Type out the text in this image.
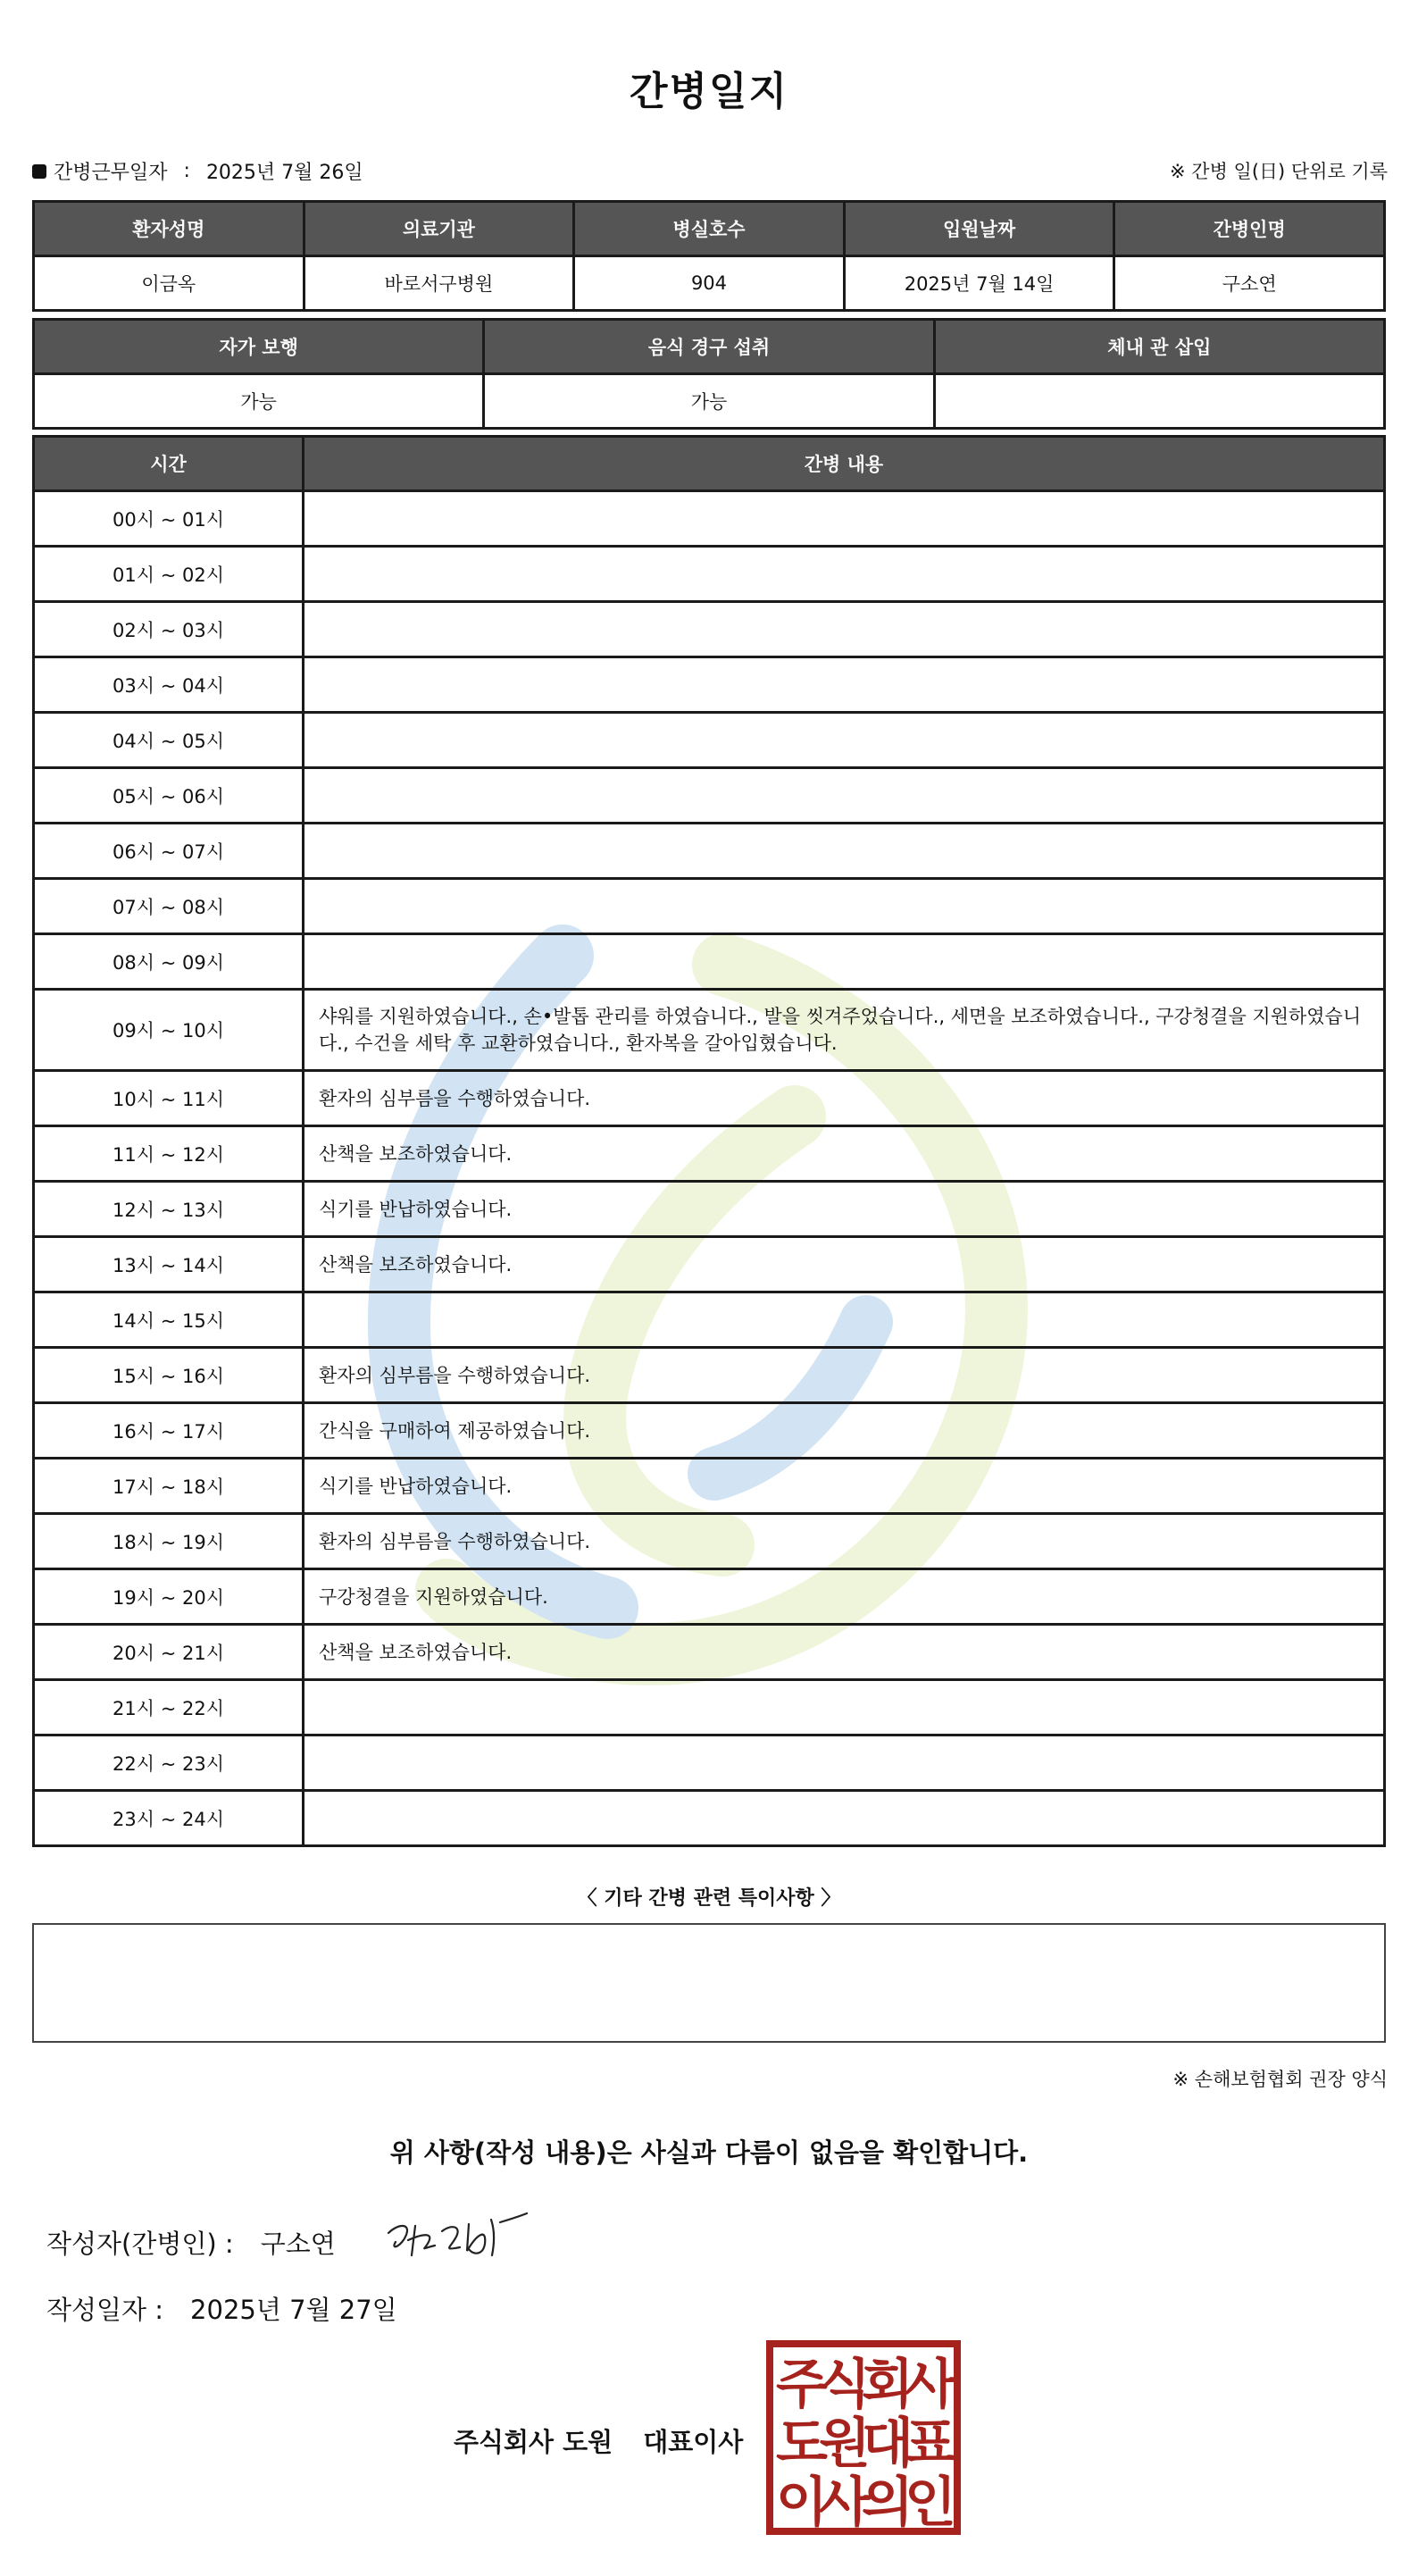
간병일지
간병근무일자 : 2025년 7월 26일	※ 간병 일(日) 단위로 기록
환자성명	의료기관	병실호수	입원날짜	간병인명
이금옥	바로서구병원	904	2025년 7월 14일	구소연
자가 보행	음식 경구 섭취	체내 관 삽입
가능	가능	
시간	간병 내용
00시 ~ 01시	
01시 ~ 02시	
02시 ~ 03시	
03시 ~ 04시	
04시 ~ 05시	
05시 ~ 06시	
06시 ~ 07시	
07시 ~ 08시	
08시 ~ 09시	
09시 ~ 10시	샤워를 지원하였습니다., 손•발톱 관리를 하였습니다., 발을 씻겨주었습니다., 세면을 보조하였습니다., 구강청결을 지원하였습니다., 수건을 세탁 후 교환하였습니다., 환자복을 갈아입혔습니다.
10시 ~ 11시	환자의 심부름을 수행하였습니다.
11시 ~ 12시	산책을 보조하였습니다.
12시 ~ 13시	식기를 반납하였습니다.
13시 ~ 14시	산책을 보조하였습니다.
14시 ~ 15시	
15시 ~ 16시	환자의 심부름을 수행하였습니다.
16시 ~ 17시	간식을 구매하여 제공하였습니다.
17시 ~ 18시	식기를 반납하였습니다.
18시 ~ 19시	환자의 심부름을 수행하였습니다.
19시 ~ 20시	구강청결을 지원하였습니다.
20시 ~ 21시	산책을 보조하였습니다.
21시 ~ 22시	
22시 ~ 23시	
23시 ~ 24시	
〈 기타 간병 관련 특이사항 〉
※ 손해보험협회 권장 양식
위 사항(작성 내용)은 사실과 다름이 없음을 확인합니다.
작성자(간병인) : 구소연
작성일자 : 2025년 7월 27일
주식회사 도원 대표이사
주
식
회
사
도
원
대
표
이
사
의
인
